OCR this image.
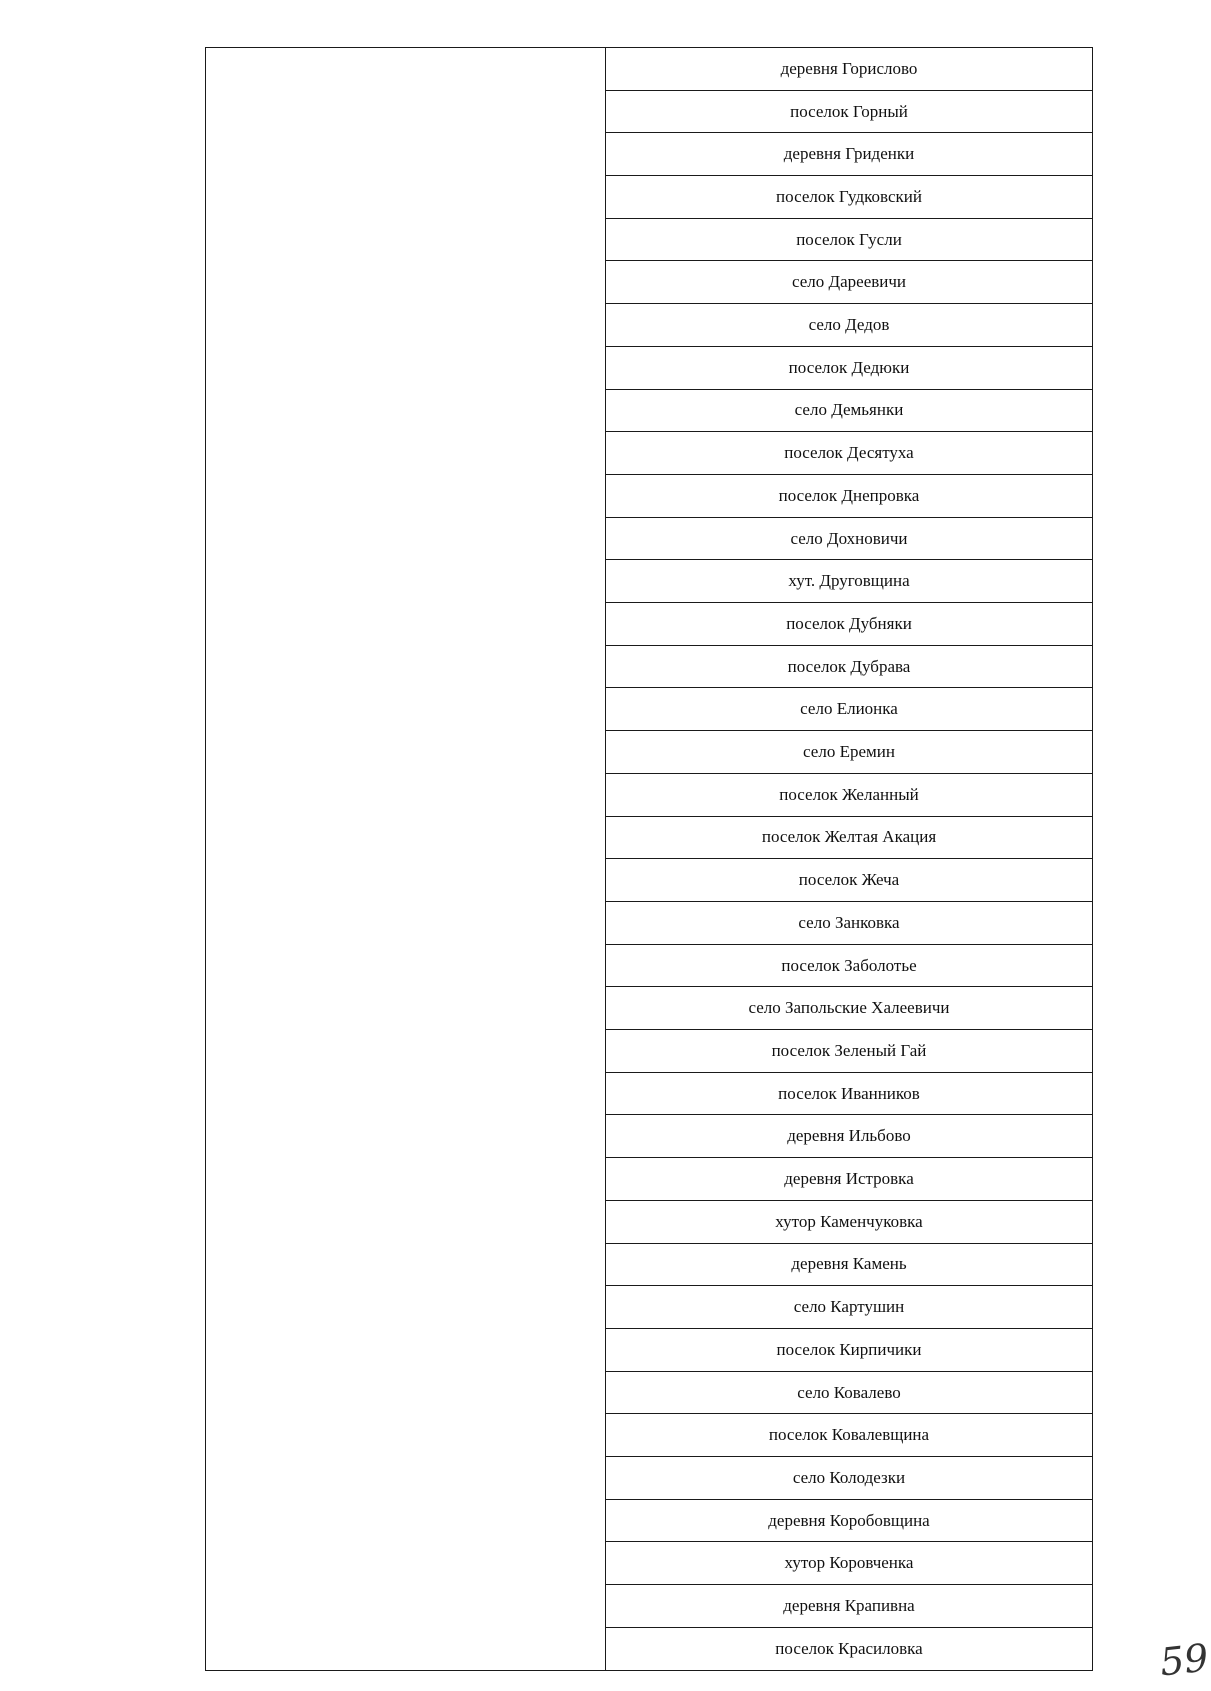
деревня Горислово
поселок Горный
деревня Гриденки
поселок Гудковский
поселок Гусли
село Дареевичи
село Дедов
поселок Дедюки
село Демьянки
поселок Десятуха
поселок Днепровка
село Дохновичи
хут. Друговщина
поселок Дубняки
поселок Дубрава
село Елионка
село Еремин
поселок Желанный
поселок Желтая Акация
поселок Жеча
село Занковка
поселок Заболотье
село Запольские Халеевичи
поселок Зеленый Гай
поселок Иванников
деревня Ильбово
деревня Истровка
хутор Каменчуковка
деревня Камень
село Картушин
поселок Кирпичики
село Ковалево
поселок Ковалевщина
село Колодезки
деревня Коробовщина
хутор Коровченка
деревня Крапивна
поселок Красиловка	59
